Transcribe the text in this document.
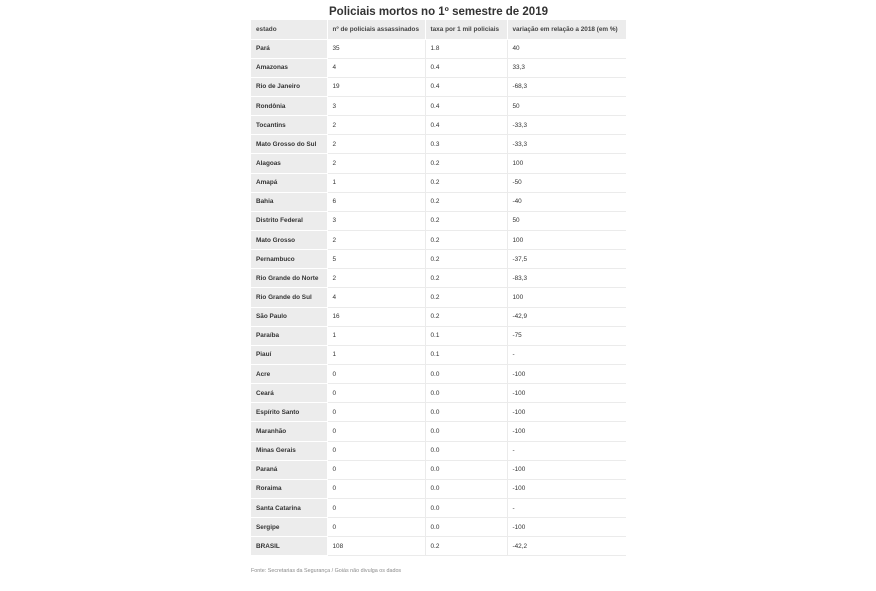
Policiais mortos no 1º semestre de 2019
estado	nº de policiais assassinados	taxa por 1 mil policiais	variação em relação a 2018 (em %)
Pará	35	1.8	40
Amazonas	4	0.4	33,3
Rio de Janeiro	19	0.4	-68,3
Rondônia	3	0.4	50
Tocantins	2	0.4	-33,3
Mato Grosso do Sul	2	0.3	-33,3
Alagoas	2	0.2	100
Amapá	1	0.2	-50
Bahia	6	0.2	-40
Distrito Federal	3	0.2	50
Mato Grosso	2	0.2	100
Pernambuco	5	0.2	-37,5
Rio Grande do Norte	2	0.2	-83,3
Rio Grande do Sul	4	0.2	100
São Paulo	16	0.2	-42,9
Paraíba	1	0.1	-75
Piauí	1	0.1	-
Acre	0	0.0	-100
Ceará	0	0.0	-100
Espírito Santo	0	0.0	-100
Maranhão	0	0.0	-100
Minas Gerais	0	0.0	-
Paraná	0	0.0	-100
Roraima	0	0.0	-100
Santa Catarina	0	0.0	-
Sergipe	0	0.0	-100
BRASIL	108	0.2	-42,2
Fonte: Secretarias da Segurança / Goiás não divulga os dados
